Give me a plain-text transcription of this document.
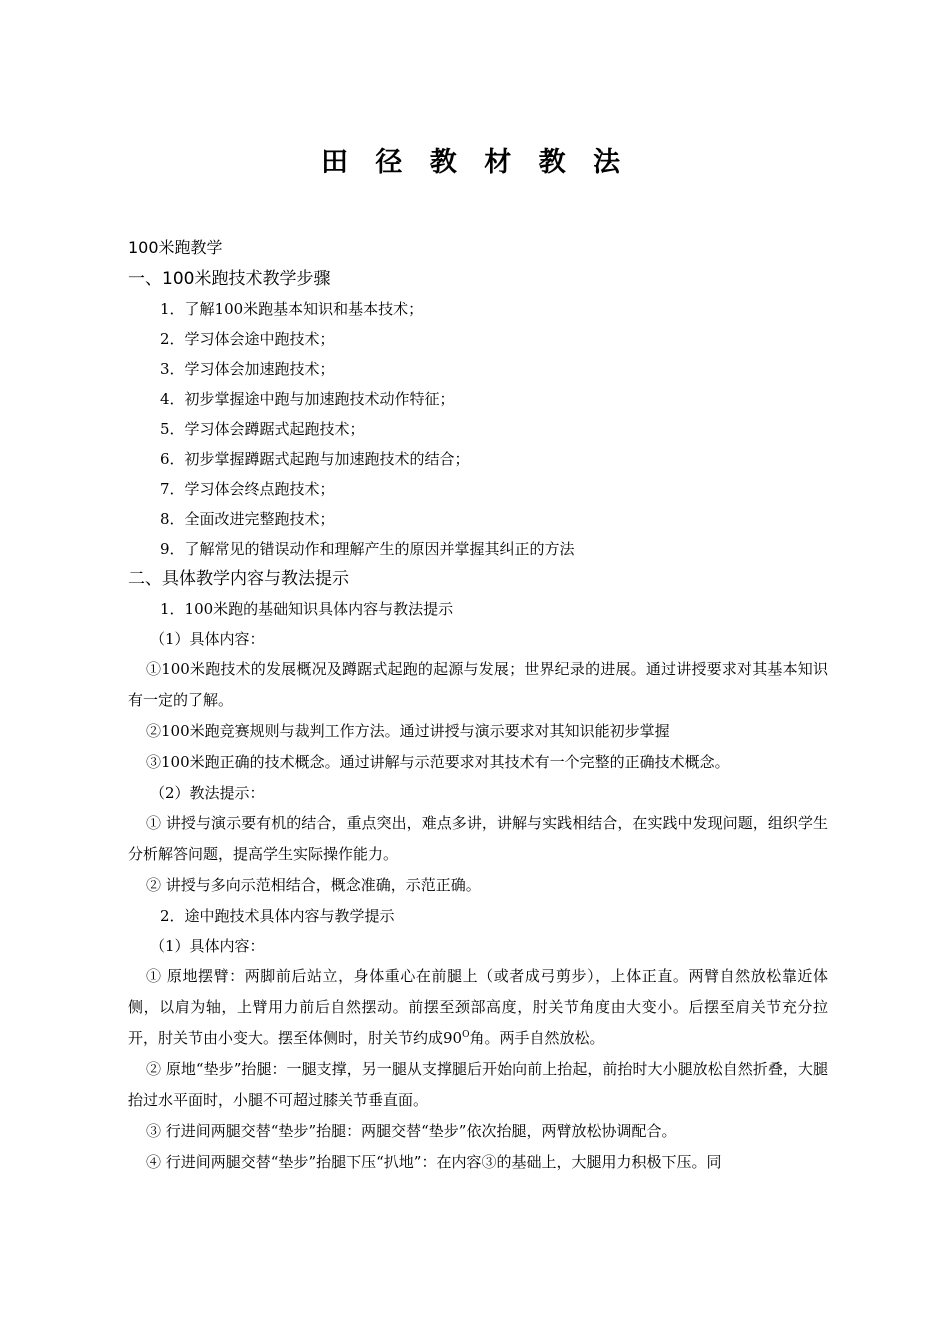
田 径 教 材 教 法
100米跑教学
一、100米跑技术教学步骤
1．了解100米跑基本知识和基本技术；
2．学习体会途中跑技术；
3．学习体会加速跑技术；
4．初步掌握途中跑与加速跑技术动作特征；
5．学习体会蹲踞式起跑技术；
6．初步掌握蹲踞式起跑与加速跑技术的结合；
7．学习体会终点跑技术；
8．全面改进完整跑技术；
9．了解常见的错误动作和理解产生的原因并掌握其纠正的方法
二、具体教学内容与教法提示
1．100米跑的基础知识具体内容与教法提示
（1）具体内容：
①100米跑技术的发展概况及蹲踞式起跑的起源与发展；世界纪录的进展。通过讲授要求对其基本知识有一定的了解。
②100米跑竞赛规则与裁判工作方法。通过讲授与演示要求对其知识能初步掌握
③100米跑正确的技术概念。通过讲解与示范要求对其技术有一个完整的正确技术概念。
（2）教法提示：
① 讲授与演示要有机的结合，重点突出，难点多讲，讲解与实践相结合，在实践中发现问题，组织学生分析解答问题，提高学生实际操作能力。
② 讲授与多向示范相结合，概念准确，示范正确。
2．途中跑技术具体内容与教学提示
（1）具体内容：
① 原地摆臂：两脚前后站立，身体重心在前腿上（或者成弓剪步），上体正直。两臂自然放松靠近体侧，以肩为轴，上臂用力前后自然摆动。前摆至颈部高度，肘关节角度由大变小。后摆至肩关节充分拉开，肘关节由小变大。摆至体侧时，肘关节约成$90^O$角。两手自然放松。
② 原地“垫步”抬腿：一腿支撑，另一腿从支撑腿后开始向前上抬起，前抬时大小腿放松自然折叠，大腿抬过水平面时，小腿不可超过膝关节垂直面。
③ 行进间两腿交替“垫步”抬腿：两腿交替“垫步”依次抬腿，两臂放松协调配合。
④ 行进间两腿交替“垫步”抬腿下压“扒地”：在内容③的基础上，大腿用力积极下压。同
